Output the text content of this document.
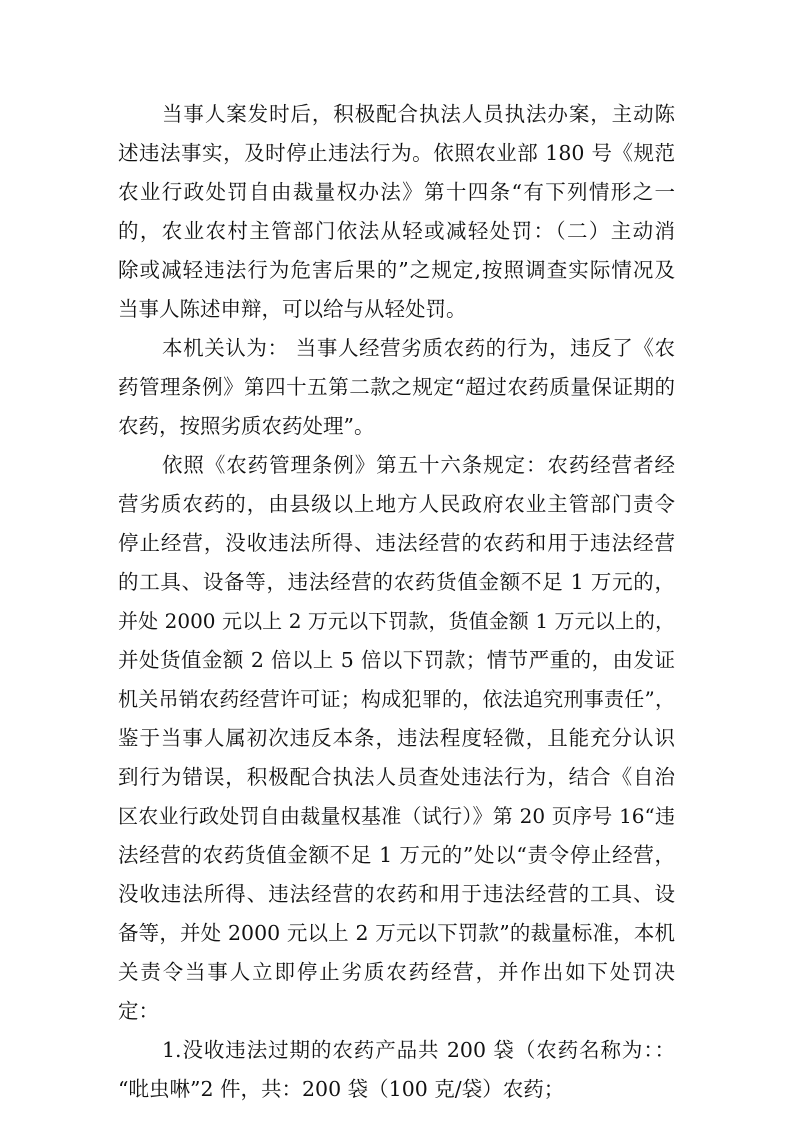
当事人案发时后，积极配合执法人员执法办案，主动陈
述违法事实，及时停止违法行为。依照农业部 180 号《规范
农业行政处罚自由裁量权办法》第十四条“有下列情形之一
的，农业农村主管部门依法从轻或减轻处罚：（二）主动消
除或减轻违法行为危害后果的”之规定,按照调查实际情况及
当事人陈述申辩，可以给与从轻处罚。
本机关认为： 当事人经营劣质农药的行为，违反了《农
药管理条例》第四十五第二款之规定“超过农药质量保证期的
农药，按照劣质农药处理”。
依照《农药管理条例》第五十六条规定：农药经营者经
营劣质农药的，由县级以上地方人民政府农业主管部门责令
停止经营，没收违法所得、违法经营的农药和用于违法经营
的工具、设备等，违法经营的农药货值金额不足 1 万元的，
并处 2000 元以上 2 万元以下罚款，货值金额 1 万元以上的，
并处货值金额 2 倍以上 5 倍以下罚款；情节严重的，由发证
机关吊销农药经营许可证；构成犯罪的，依法追究刑事责任”，
鉴于当事人属初次违反本条，违法程度轻微，且能充分认识
到行为错误，积极配合执法人员查处违法行为，结合《自治
区农业行政处罚自由裁量权基准（试行）》第 20 页序号 16“违
法经营的农药货值金额不足 1 万元的”处以“责令停止经营，
没收违法所得、违法经营的农药和用于违法经营的工具、设
备等，并处 2000 元以上 2 万元以下罚款”的裁量标准，本机
关责令当事人立即停止劣质农药经营，并作出如下处罚决
定：
1.没收违法过期的农药产品共 200 袋（农药名称为：：
“吡虫啉”2 件，共：200 袋（100 克/袋）农药；
